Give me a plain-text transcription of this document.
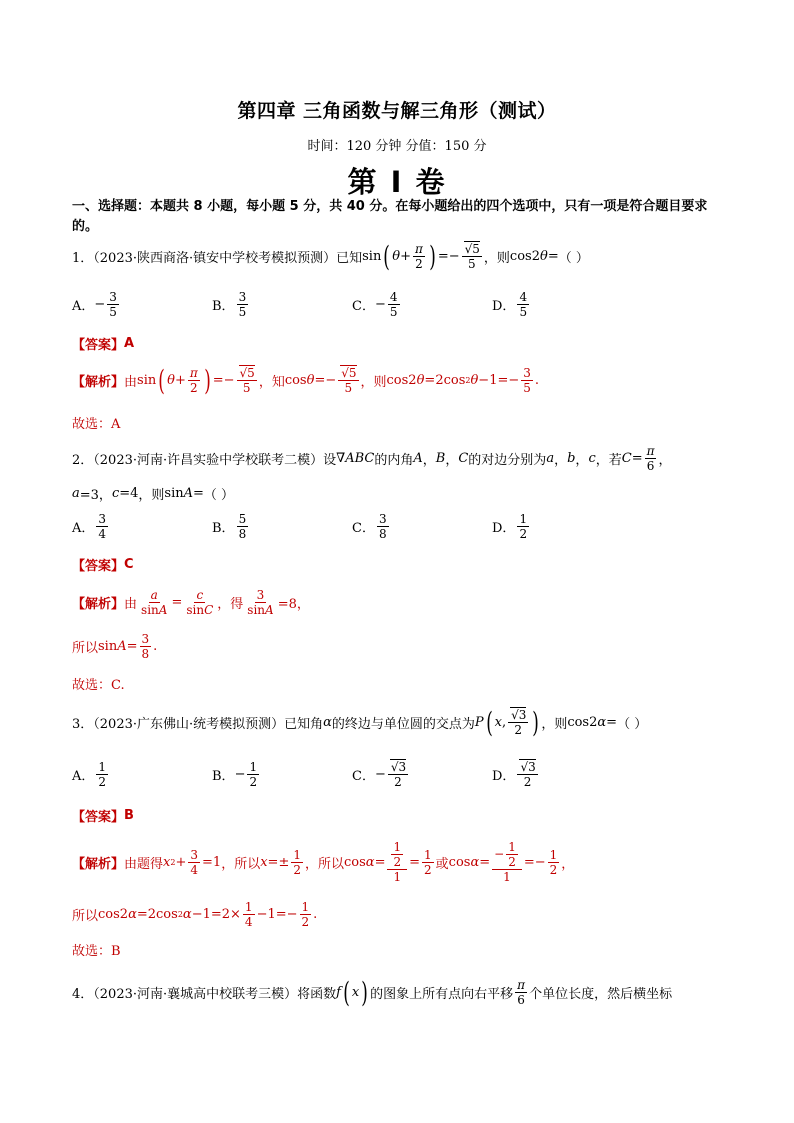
第四章 三角函数与解三角形（测试）
时间：120 分钟 分值：150 分
第 I 卷
一、选择题：本题共 8 小题，每小题 5 分，共 40 分。在每小题给出的四个选项中，只有一项是符合题目要求的。
1．（2023·陕西商洛·镇安中学校考模拟预测）已知 sin ( $\theta + \frac{\pi}{2}$ ) =− $\frac{√5}{5}$ ，则 cos2 θ = （ ）
A． − $\frac{3}{5}$	B． $\frac{3}{5}$	C． − $\frac{4}{5}$	D． $\frac{4}{5}$
【答案】 A
【解析】 由 sin ( $\theta + \frac{\pi}{2}$ ) =− $\frac{√5}{5}$ ，知 $\cos \theta =- \frac{√5}{5}$ ，则 cos2 θ =2cos 2 $\theta -1=- \frac{3}{5}$ .
故选：A
2．（2023·河南·许昌实验中学校联考二模）设 ∇ ABC 的内角 A ， B ， C 的对边分别为 a ， b ， c ，若 $C = \frac{\pi}{6}$ ，
a =3， c =4 ，则 sin A = （ ）
A． $\frac{3}{4}$	B． $\frac{5}{8}$	C． $\frac{3}{8}$	D． $\frac{1}{2}$
【答案】 C
【解析】 由 $\frac{a}{\sin A} = \frac{c}{\sin C}$ ，得 $\frac{3}{\sin A} =8$，
所以 $\sin A = \frac{3}{8}$ .
故选：C.
3．（2023·广东佛山·统考模拟预测）已知角 α 的终边与单位圆的交点为 P ( x , $\frac{√3}{2}$ ) ，则 cos2 α = （ ）
A． $\frac{1}{2}$	B． − $\frac{1}{2}$	C． − $\frac{√3}{2}$	D． $\frac{√3}{2}$
【答案】 B
【解析】 由题得 x $2 + \frac{3}{4} =1$ ，所以 $x =\pm \frac{1}{2}$ ，所以 $\cos \alpha = \frac{\frac{1}{2}}{1} = \frac{1}{2}$ 或 $\cos \alpha = \frac{- \frac{1}{2}}{1} =- \frac{1}{2}$ ，
所以 cos2 α =2cos 2 $\alpha -1=2\times \frac{1}{4} -1=- \frac{1}{2}$ .
故选：B
4．（2023·河南·襄城高中校联考三模）将函数 f ( x ) 的图象上所有点向右平移 $\frac{\pi}{6}$ 个单位长度，然后横坐标
